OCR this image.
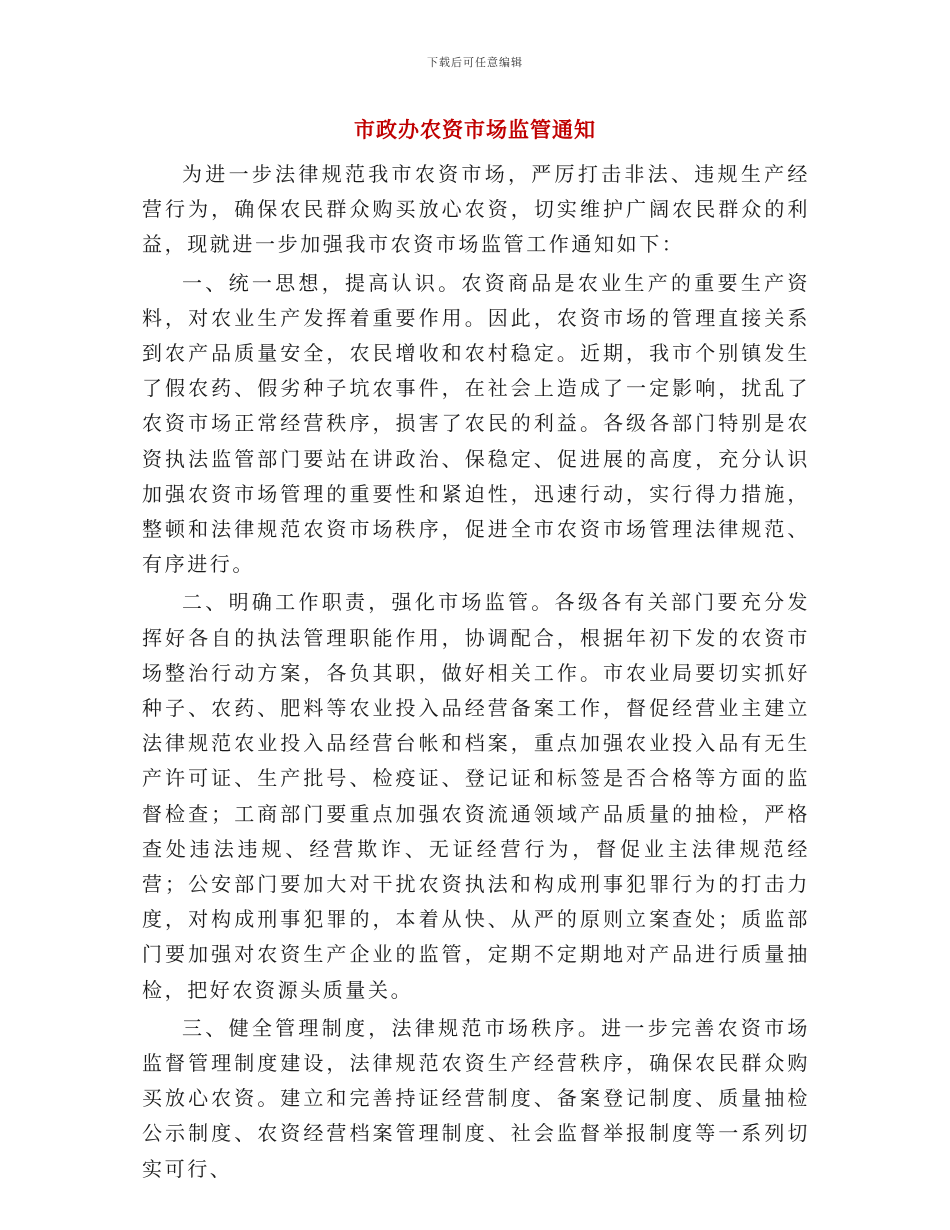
下载后可任意编辑
市政办农资市场监管通知

为进一步法律规范我市农资市场，严厉打击非法、违规生产经营行为，确保农民群众购买放心农资，切实维护广阔农民群众的利益，现就进一步加强我市农资市场监管工作通知如下：

一、统一思想，提高认识。农资商品是农业生产的重要生产资料，对农业生产发挥着重要作用。因此，农资市场的管理直接关系到农产品质量安全，农民增收和农村稳定。近期，我市个别镇发生了假农药、假劣种子坑农事件，在社会上造成了一定影响，扰乱了农资市场正常经营秩序，损害了农民的利益。各级各部门特别是农资执法监管部门要站在讲政治、保稳定、促进展的高度，充分认识加强农资市场管理的重要性和紧迫性，迅速行动，实行得力措施，整顿和法律规范农资市场秩序，促进全市农资市场管理法律规范、有序进行。

二、明确工作职责，强化市场监管。各级各有关部门要充分发挥好各自的执法管理职能作用，协调配合，根据年初下发的农资市场整治行动方案，各负其职，做好相关工作。市农业局要切实抓好种子、农药、肥料等农业投入品经营备案工作，督促经营业主建立法律规范农业投入品经营台帐和档案，重点加强农业投入品有无生产许可证、生产批号、检疫证、登记证和标签是否合格等方面的监督检查；工商部门要重点加强农资流通领域产品质量的抽检，严格查处违法违规、经营欺诈、无证经营行为，督促业主法律规范经营；公安部门要加大对干扰农资执法和构成刑事犯罪行为的打击力度，对构成刑事犯罪的，本着从快、从严的原则立案查处；质监部门要加强对农资生产企业的监管，定期不定期地对产品进行质量抽检，把好农资源头质量关。

三、健全管理制度，法律规范市场秩序。进一步完善农资市场监督管理制度建设，法律规范农资生产经营秩序，确保农民群众购买放心农资。建立和完善持证经营制度、备案登记制度、质量抽检公示制度、农资经营档案管理制度、社会监督举报制度等一系列切实可行、
